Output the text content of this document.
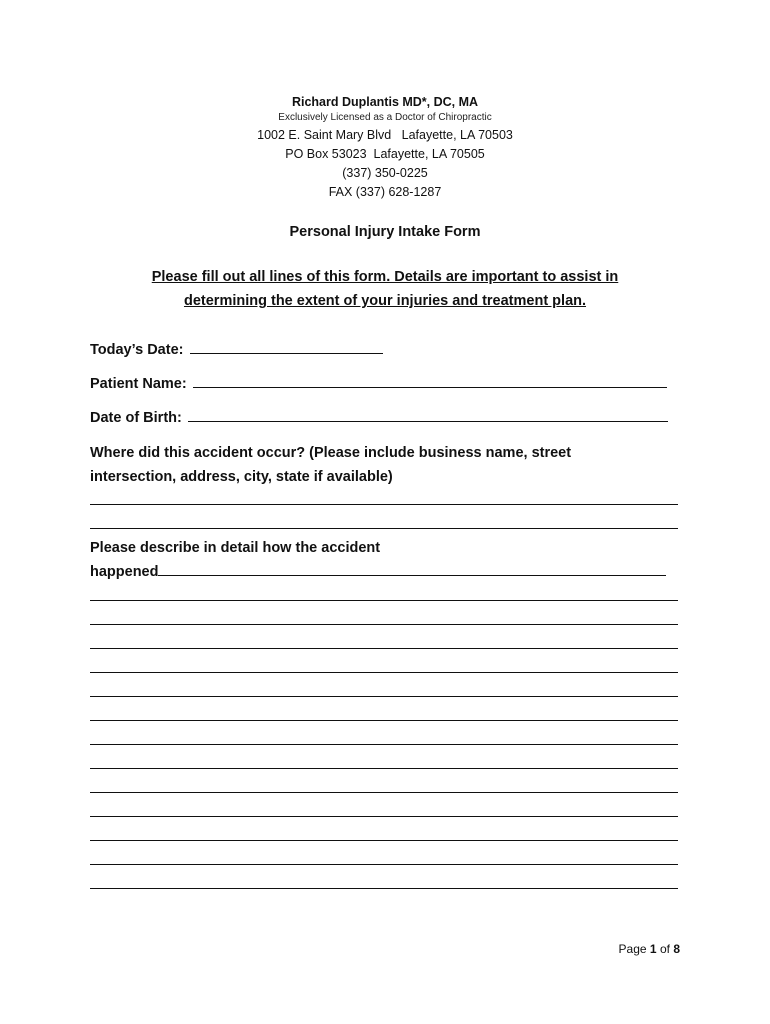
Richard Duplantis MD*, DC, MA
Exclusively Licensed as a Doctor of Chiropractic
1002 E. Saint Mary Blvd   Lafayette, LA 70503
PO Box 53023  Lafayette, LA 70505
(337) 350-0225
FAX (337) 628-1287
Personal Injury Intake Form
Please fill out all lines of this form. Details are important to assist in determining the extent of your injuries and treatment plan.
Today’s Date:
Patient Name:
Date of Birth:
Where did this accident occur? (Please include business name, street intersection, address, city, state if available)
Please describe in detail how the accident
happened
Page 1 of 8
